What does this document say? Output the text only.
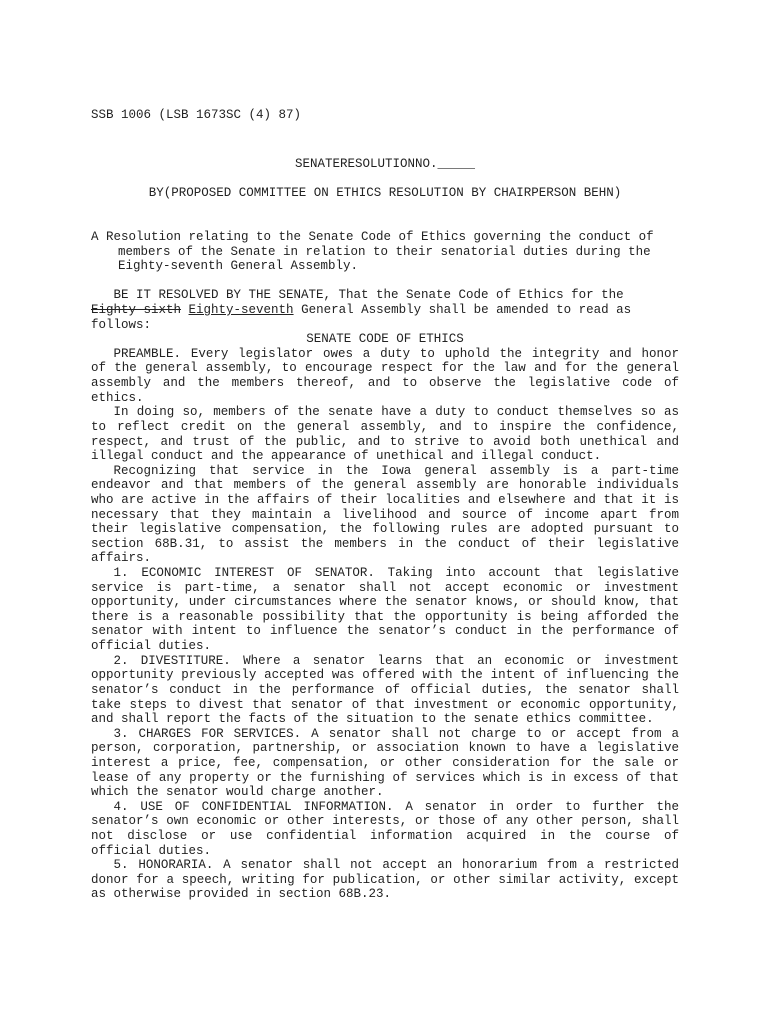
SSB 1006 (LSB 1673SC (4) 87)
SENATERESOLUTIONNO._____
BY(PROPOSED COMMITTEE ON ETHICS RESOLUTION BY CHAIRPERSON BEHN)
A Resolution relating to the Senate Code of Ethics governing the conduct of
members of the Senate in relation to their senatorial duties during the
Eighty-seventh General Assembly.
BE IT RESOLVED BY THE SENATE, That the Senate Code of Ethics for the
Eighty-sixth Eighty-seventh General Assembly shall be amended to read as
follows:
SENATE CODE OF ETHICS
PREAMBLE. Every legislator owes a duty to uphold the integrity and honor
of the general assembly, to encourage respect for the law and for the general
assembly and the members thereof, and to observe the legislative code of
ethics.
In doing so, members of the senate have a duty to conduct themselves so as
to reflect credit on the general assembly, and to inspire the confidence,
respect, and trust of the public, and to strive to avoid both unethical and
illegal conduct and the appearance of unethical and illegal conduct.
Recognizing that service in the Iowa general assembly is a part-time
endeavor and that members of the general assembly are honorable individuals
who are active in the affairs of their localities and elsewhere and that it is
necessary that they maintain a livelihood and source of income apart from
their legislative compensation, the following rules are adopted pursuant to
section 68B.31, to assist the members in the conduct of their legislative
affairs.
1. ECONOMIC INTEREST OF SENATOR. Taking into account that legislative
service is part-time, a senator shall not accept economic or investment
opportunity, under circumstances where the senator knows, or should know, that
there is a reasonable possibility that the opportunity is being afforded the
senator with intent to influence the senator’s conduct in the performance of
official duties.
2. DIVESTITURE. Where a senator learns that an economic or investment
opportunity previously accepted was offered with the intent of influencing the
senator’s conduct in the performance of official duties, the senator shall
take steps to divest that senator of that investment or economic opportunity,
and shall report the facts of the situation to the senate ethics committee.
3. CHARGES FOR SERVICES. A senator shall not charge to or accept from a
person, corporation, partnership, or association known to have a legislative
interest a price, fee, compensation, or other consideration for the sale or
lease of any property or the furnishing of services which is in excess of that
which the senator would charge another.
4. USE OF CONFIDENTIAL INFORMATION. A senator in order to further the
senator’s own economic or other interests, or those of any other person, shall
not disclose or use confidential information acquired in the course of
official duties.
5. HONORARIA. A senator shall not accept an honorarium from a restricted
donor for a speech, writing for publication, or other similar activity, except
as otherwise provided in section 68B.23.
